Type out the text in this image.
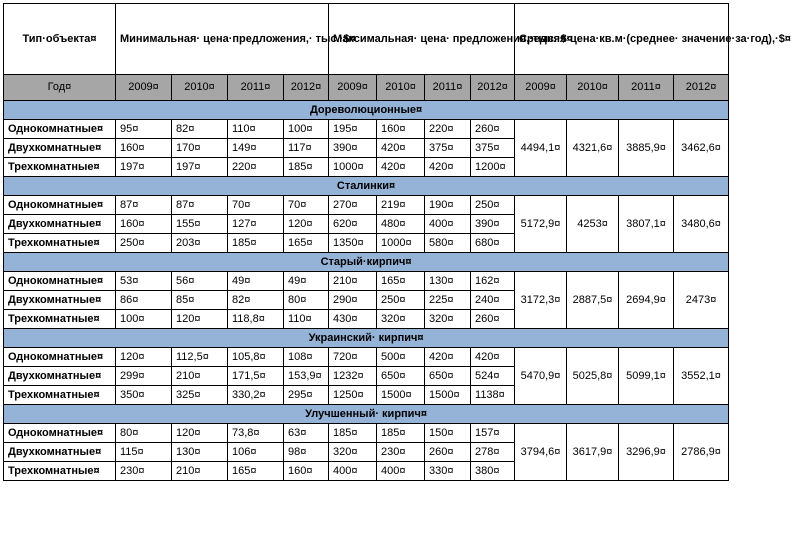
Тип·объекта¤	Минимальная· цена·предложения,· тыс.·$¤				Максимальная· цена· предложения,·тыс.·$¤				Средняя·цена·кв.м·(среднее· значение·за·год),·$¤			
Год¤	2009¤	2010¤	2011¤	2012¤	2009¤	2010¤	2011¤	2012¤	2009¤	2010¤	2011¤	2012¤
Дореволюционные¤												
Однокомнатные¤	95¤	82¤	110¤	100¤	195¤	160¤	220¤	260¤	4494,1¤	4321,6¤	3885,9¤	3462,6¤
Двухкомнатные¤	160¤	170¤	149¤	117¤	390¤	420¤	375¤	375¤				
Трехкомнатные¤	197¤	197¤	220¤	185¤	1000¤	420¤	420¤	1200¤				
Сталинки¤												
Однокомнатные¤	87¤	87¤	70¤	70¤	270¤	219¤	190¤	250¤	5172,9¤	4253¤	3807,1¤	3480,6¤
Двухкомнатные¤	160¤	155¤	127¤	120¤	620¤	480¤	400¤	390¤				
Трехкомнатные¤	250¤	203¤	185¤	165¤	1350¤	1000¤	580¤	680¤				
Старый·кирпич¤												
Однокомнатные¤	53¤	56¤	49¤	49¤	210¤	165¤	130¤	162¤	3172,3¤	2887,5¤	2694,9¤	2473¤
Двухкомнатные¤	86¤	85¤	82¤	80¤	290¤	250¤	225¤	240¤				
Трехкомнатные¤	100¤	120¤	118,8¤	110¤	430¤	320¤	320¤	260¤				
Украинский· кирпич¤												
Однокомнатные¤	120¤	112,5¤	105,8¤	108¤	720¤	500¤	420¤	420¤	5470,9¤	5025,8¤	5099,1¤	3552,1¤
Двухкомнатные¤	299¤	210¤	171,5¤	153,9¤	1232¤	650¤	650¤	524¤				
Трехкомнатные¤	350¤	325¤	330,2¤	295¤	1250¤	1500¤	1500¤	1138¤				
Улучшенный· кирпич¤												
Однокомнатные¤	80¤	120¤	73,8¤	63¤	185¤	185¤	150¤	157¤	3794,6¤	3617,9¤	3296,9¤	2786,9¤
Двухкомнатные¤	115¤	130¤	106¤	98¤	320¤	230¤	260¤	278¤				
Трехкомнатные¤	230¤	210¤	165¤	160¤	400¤	400¤	330¤	380¤				
